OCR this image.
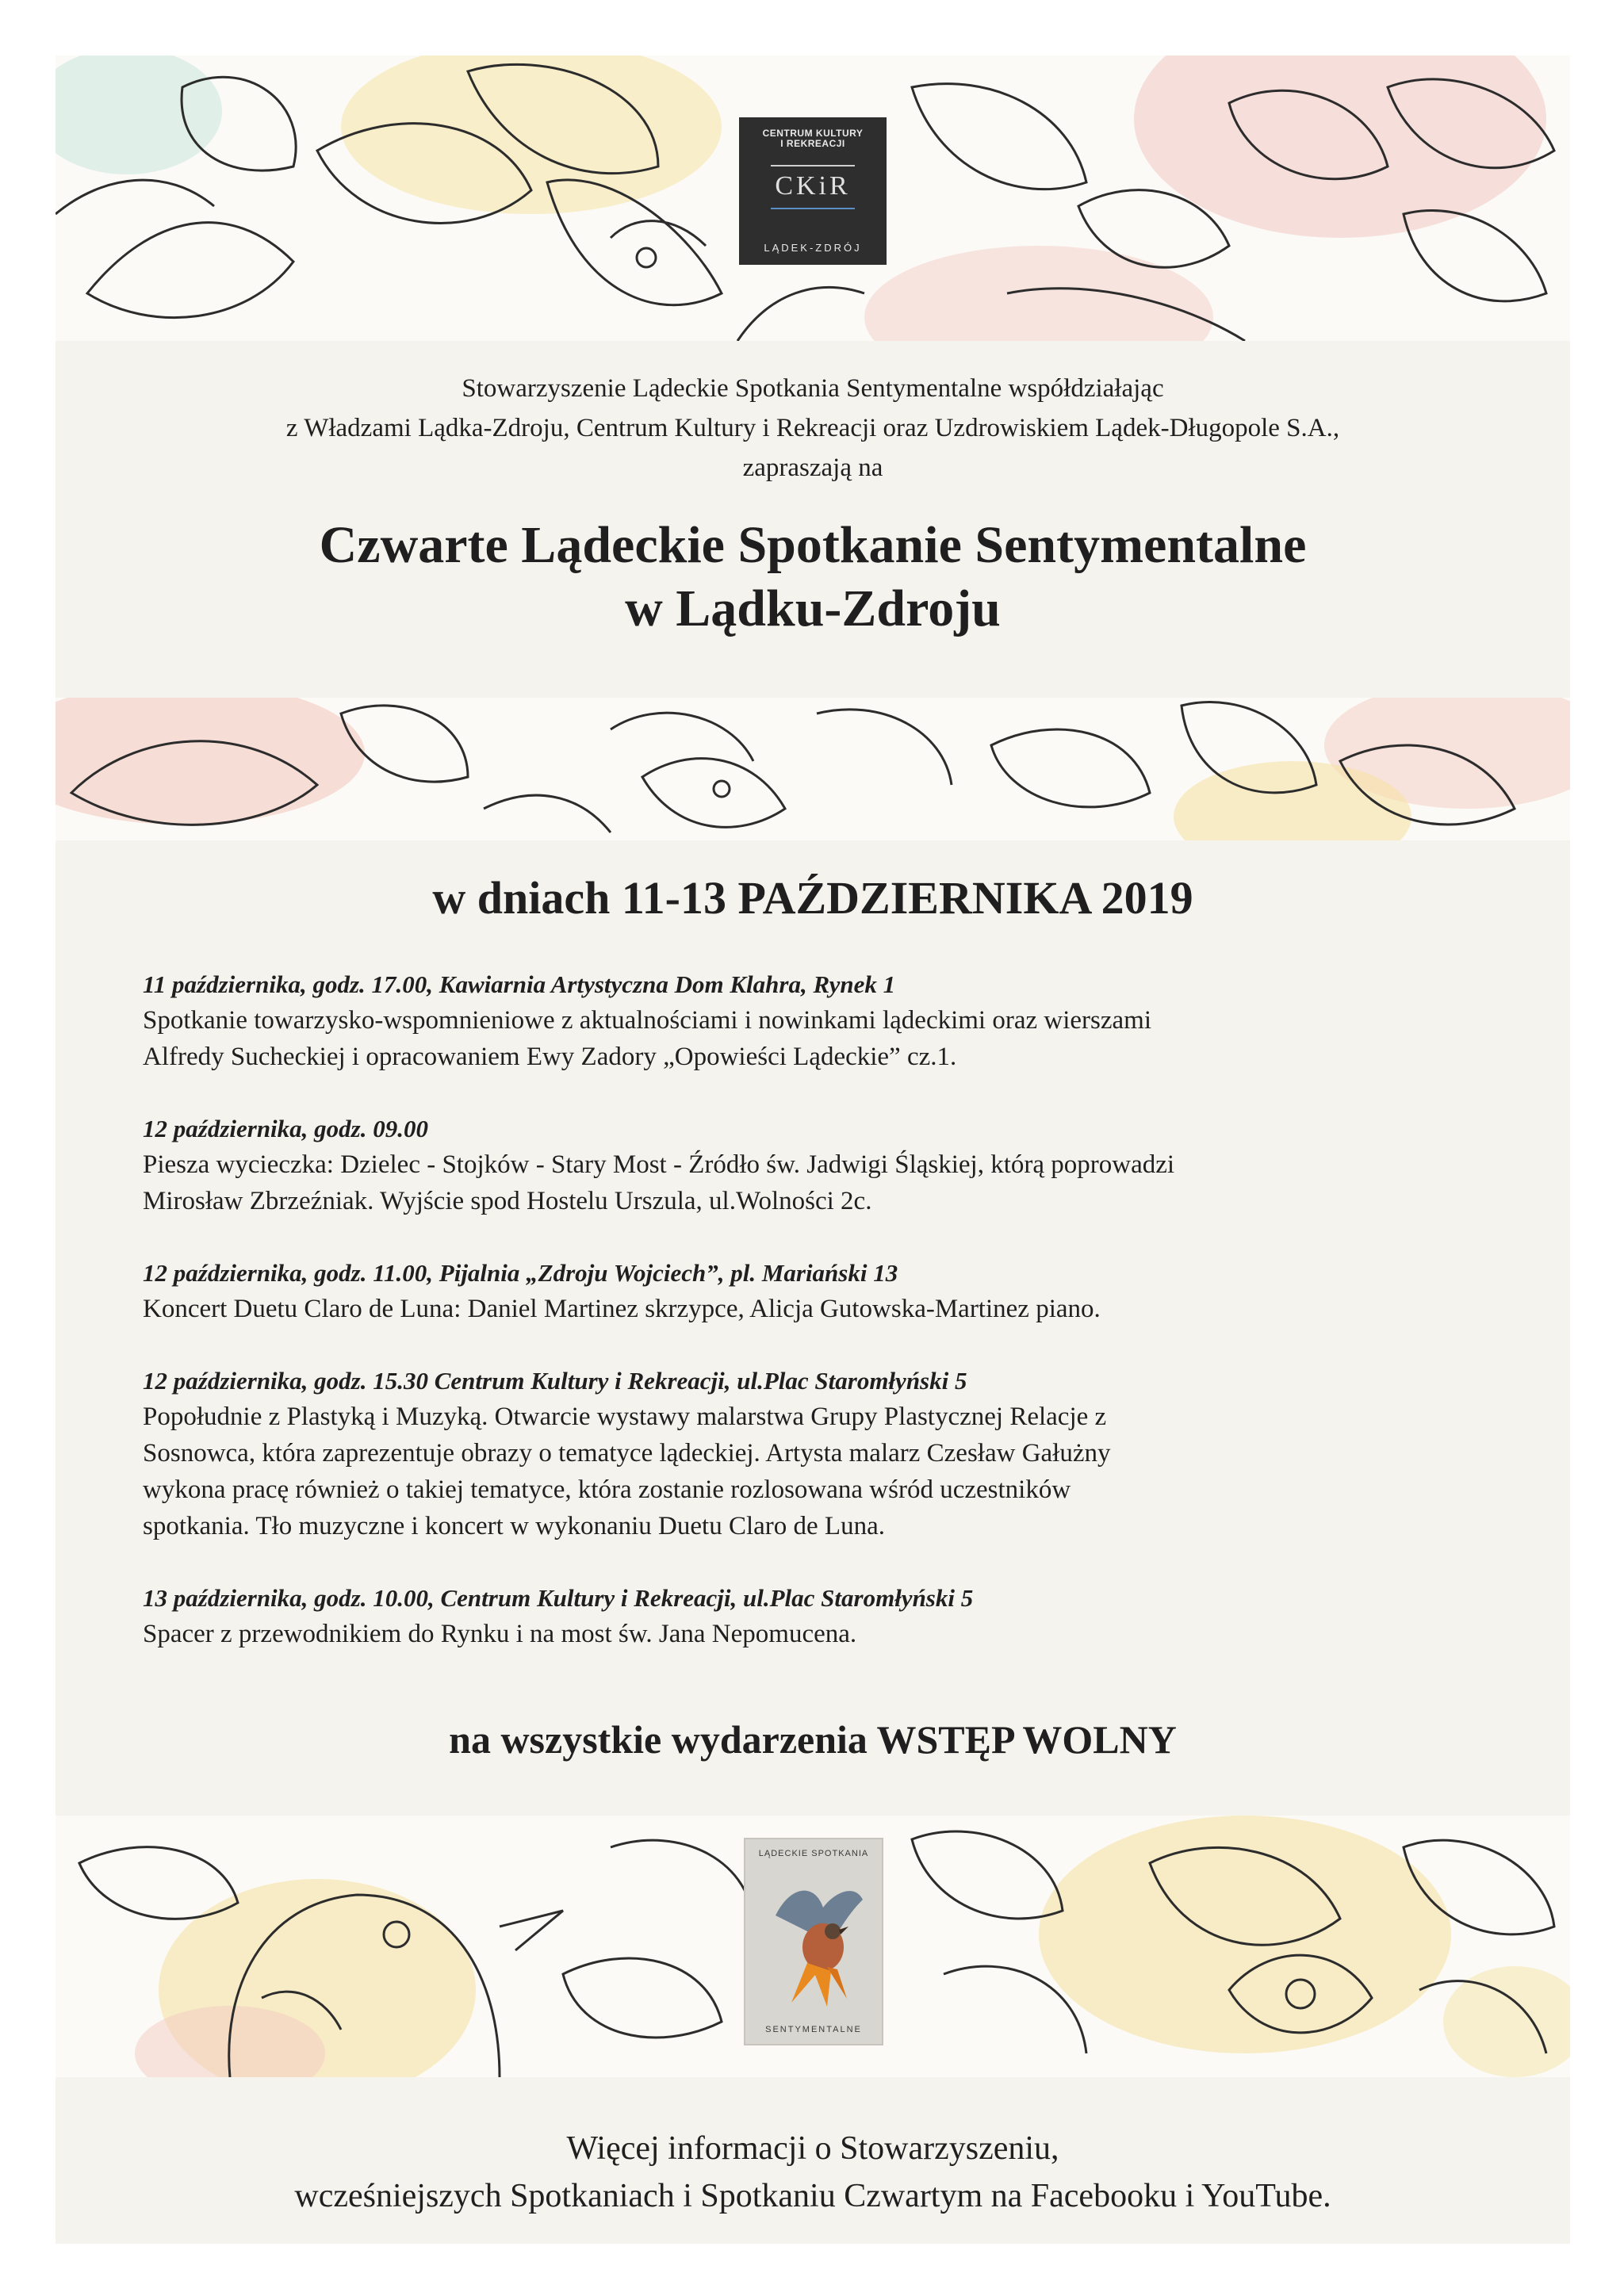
CENTRUM KULTURY
I REKREACJI
CKiR
LĄDEK-ZDRÓJ
Stowarzyszenie Lądeckie Spotkania Sentymentalne współdziałając
z Władzami Lądka-Zdroju, Centrum Kultury i Rekreacji oraz Uzdrowiskiem Lądek-Długopole S.A.,
zapraszają na
Czwarte Lądeckie Spotkanie Sentymentalne
w Lądku-Zdroju
w dniach 11-13 PAŹDZIERNIKA 2019
11 października, godz. 17.00, Kawiarnia Artystyczna Dom Klahra, Rynek 1
Spotkanie towarzysko-wspomnieniowe z aktualnościami i nowinkami lądeckimi oraz wierszami
Alfredy Sucheckiej i opracowaniem Ewy Zadory „Opowieści Lądeckie” cz.1.
12 października, godz. 09.00
Piesza wycieczka: Dzielec - Stojków - Stary Most - Źródło św. Jadwigi Śląskiej, którą poprowadzi
Mirosław Zbrzeźniak. Wyjście spod Hostelu Urszula, ul.Wolności 2c.
12 października, godz. 11.00, Pijalnia „Zdroju Wojciech”, pl. Mariański 13
Koncert Duetu Claro de Luna: Daniel Martinez skrzypce, Alicja Gutowska-Martinez piano.
12 października, godz. 15.30 Centrum Kultury i Rekreacji, ul.Plac Staromłyński 5
Popołudnie z Plastyką i Muzyką. Otwarcie wystawy malarstwa Grupy Plastycznej Relacje z
Sosnowca, która zaprezentuje obrazy o tematyce lądeckiej. Artysta malarz Czesław Gałużny
wykona pracę również o takiej tematyce, która zostanie rozlosowana wśród uczestników
spotkania. Tło muzyczne i koncert w wykonaniu Duetu Claro de Luna.
13 października, godz. 10.00, Centrum Kultury i Rekreacji, ul.Plac Staromłyński 5
Spacer z przewodnikiem do Rynku i na most św. Jana Nepomucena.
na wszystkie wydarzenia WSTĘP WOLNY
LĄDECKIE SPOTKANIA
SENTYMENTALNE
Więcej informacji o Stowarzyszeniu,
wcześniejszych Spotkaniach i Spotkaniu Czwartym na Facebooku i YouTube.
